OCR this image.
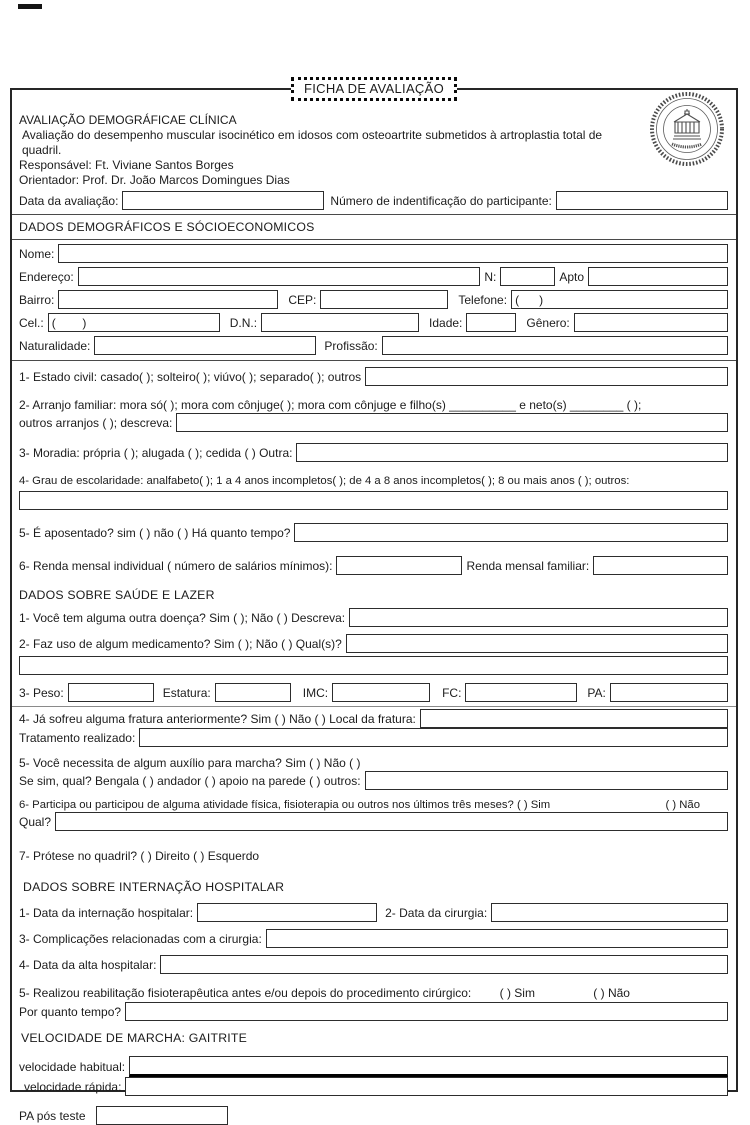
FICHA DE AVALIAÇÃO
AVALIAÇÃO DEMOGRÁFICAE CLÍNICA
Avaliação do desempenho muscular isocinético em idosos com osteoartrite submetidos à artroplastia total de quadril.
Responsável: Ft. Viviane Santos Borges
Orientador: Prof. Dr. João Marcos Domingues Dias
Data da avaliação:	Número de indentificação do participante:
DADOS DEMOGRÁFICOS E SÓCIOECONOMICOS
Nome:
Endereço:	N:	Apto
Bairro:	CEP:	Telefone: (      )
Cel.: (        )	D.N.:	Idade:	Gênero:
Naturalidade:	Profissão:
1- Estado civil: casado( ); solteiro( ); viúvo( ); separado( ); outros
2- Arranjo familiar: mora só( ); mora com cônjuge( ); mora com cônjuge e filho(s) __________ e neto(s) ________ ( );
outros arranjos ( ); descreva:
3- Moradia: própria ( ); alugada ( ); cedida ( ) Outra:
4- Grau de escolaridade: analfabeto( ); 1 a 4 anos incompletos( ); de 4 a 8 anos incompletos( ); 8 ou mais anos ( ); outros:
5- É aposentado? sim ( ) não ( ) Há quanto tempo?
6- Renda mensal individual ( número de salários mínimos):	Renda mensal familiar:
DADOS SOBRE SAÚDE E LAZER
1- Você tem alguma outra doença? Sim ( ); Não ( ) Descreva:
2- Faz uso de algum medicamento? Sim ( ); Não ( ) Qual(s)?
3- Peso:	Estatura:	IMC:	FC:	PA:
4- Já sofreu alguma fratura anteriormente? Sim ( ) Não ( ) Local da fratura:
Tratamento realizado:
5- Você necessita de algum auxílio para marcha? Sim ( ) Não ( )
Se sim, qual? Bengala ( ) andador ( ) apoio na parede ( ) outros:
6- Participa ou participou de alguma atividade física, fisioterapia ou outros nos últimos três meses? ( ) Sim	( ) Não
Qual?
7- Prótese no quadril? ( ) Direito ( ) Esquerdo
DADOS SOBRE INTERNAÇÃO HOSPITALAR
1- Data da internação hospitalar:	2- Data da cirurgia:
3- Complicações relacionadas com a cirurgia:
4- Data da alta hospitalar:
5- Realizou reabilitação fisioterapêutica antes e/ou depois do procedimento cirúrgico: ( ) Sim	( ) Não
Por quanto tempo?
VELOCIDADE DE MARCHA: GAITRITE
velocidade habitual:
velocidade rápida:
PA pós teste
